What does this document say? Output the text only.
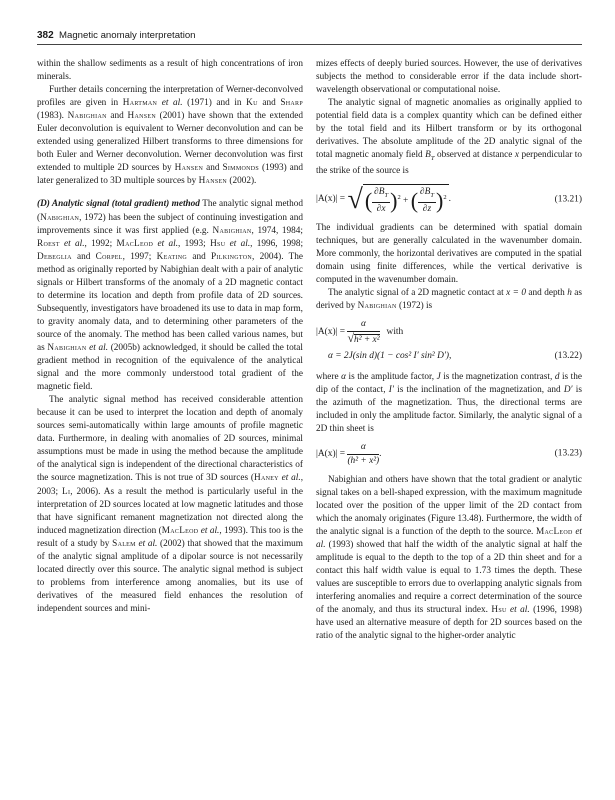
382 Magnetic anomaly interpretation

within the shallow sediments as a result of high concentrations of iron minerals.

Further details concerning the interpretation of Werner-deconvolved profiles are given in Hartman et al. (1971) and in Ku and Sharp (1983). Nabighian and Hansen (2001) have shown that the extended Euler deconvolution is equivalent to Werner deconvolution and can be extended using generalized Hilbert transforms to three dimensions for both Euler and Werner deconvolution. Werner deconvolution was first extended to multiple 2D sources by Hansen and Simmonds (1993) and later generalized to 3D multiple sources by Hansen (2002).

(D) Analytic signal (total gradient) method The analytic signal method (Nabighian, 1972) has been the subject of continuing investigation and improvements since it was first applied (e.g. Nabighian, 1974, 1984; Roest et al., 1992; MacLeod et al., 1993; Hsu et al., 1996, 1998; Debeglia and Corpel, 1997; Keating and Pilkington, 2004). The method as originally reported by Nabighian dealt with a pair of analytic signals or Hilbert transforms of the anomaly of a 2D magnetic contact to determine its location and depth from profile data of 2D sources. Subsequently, investigators have broadened its use to data in map form, to gravity anomaly data, and to determining other parameters of the source of the anomaly. The method has been called various names, but as Nabighian et al. (2005b) acknowledged, it should be called the total gradient method in recognition of the equivalence of the analytical signal and the more commonly understood total gradient of the magnetic field.

The analytic signal method has received considerable attention because it can be used to interpret the location and depth of anomaly sources semi-automatically within large amounts of profile magnetic data. Furthermore, in dealing with anomalies of 2D sources, minimal assumptions must be made in using the method because the amplitude of the analytical sign is independent of the directional characteristics of the source magnetization. This is not true of 3D sources (Haney et al., 2003; Li, 2006). As a result the method is particularly useful in the interpretation of 2D sources located at low magnetic latitudes and those that have significant remanent magnetization not directed along the induced magnetization direction (MacLeod et al., 1993). This too is the result of a study by Salem et al. (2002) that showed that the maximum of the analytic signal amplitude of a dipolar source is not necessarily located directly over this source. The analytic signal method is subject to problems from interference among anomalies, but its use of derivatives of the measured field enhances the resolution of independent sources and mini-

mizes effects of deeply buried sources. However, the use of derivatives subjects the method to considerable error if the data include short-wavelength observational or computational noise.

The analytic signal of magnetic anomalies as originally applied to potential field data is a complex quantity which can be defined either by the total field and its Hilbert transform or by its orthogonal derivatives. The absolute amplitude of the 2D analytic signal of the total magnetic anomaly field $B_T$ observed at distance x perpendicular to the strike of the source is

|A(x)| =
√ ( $\frac{\partial B_T}{\partial x} )^2$ + ( $\frac{\partial B_T}{\partial z} )^2$ .	(13.21)

The individual gradients can be determined with spatial domain techniques, but are generally calculated in the wavenumber domain. More commonly, the horizontal derivatives are computed in the spatial domain using finite differences, while the vertical derivative is computed in the wavenumber domain.

The analytic signal of a 2D magnetic contact at x = 0 and depth h as derived by Nabighian (1972) is

|A(x)| =
$\frac{\alpha}{\text{√h² + x²}}$
with
α = 2J(sin d)(1 − cos² I′ sin² D′),	(13.22)

where α is the amplitude factor, J is the magnetization contrast, d is the dip of the contact, I′ is the inclination of the magnetization, and D′ is the azimuth of the magnetization. Thus, the directional terms are included in only the amplitude factor. Similarly, the analytic signal of a 2D thin sheet is

|A(x)| =
$\frac{\alpha}{\text{(h² + x²)}}$ .	(13.23)

Nabighian and others have shown that the total gradient or analytic signal takes on a bell-shaped expression, with the maximum magnitude located over the position of the upper limit of the 2D contact from which the anomaly originates (Figure 13.48). Furthermore, the width of the analytic signal is a function of the depth to the source. MacLeod et al. (1993) showed that half the width of the analytic signal at half the amplitude is equal to the depth to the top of a 2D thin sheet and for a contact this half width value is equal to 1.73 times the depth. These values are susceptible to errors due to overlapping analytic signals from interfering anomalies and require a correct determination of the source of the anomaly, and thus its structural index. Hsu et al. (1996, 1998) have used an alternative measure of depth for 2D sources based on the ratio of the analytic signal to the higher-order analytic
